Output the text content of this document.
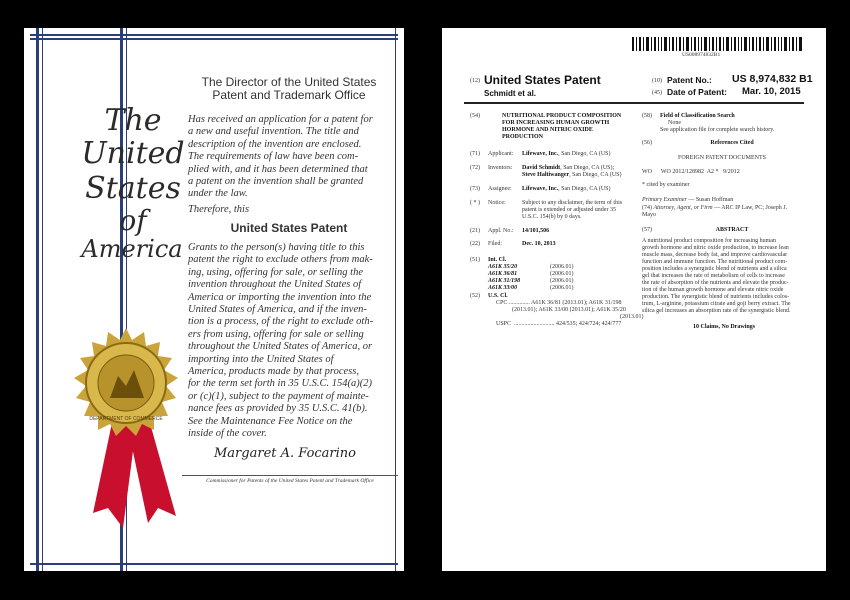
The
United
States
of
America
DEPARTMENT OF COMMERCE
The Director of the United States
Patent and Trademark Office
Has received an application for a patent for
a new and useful invention. The title and
description of the invention are enclosed.
The requirements of law have been com-
plied with, and it has been determined that
a patent on the invention shall be granted
under the law.
Therefore, this
United States Patent
Grants to the person(s) having title to this
patent the right to exclude others from mak-
ing, using, offering for sale, or selling the
invention throughout the United States of
America or importing the invention into the
United States of America, and if the inven-
tion is a process, of the right to exclude oth-
ers from using, offering for sale or selling
throughout the United States of America, or
importing into the United States of
America, products made by that process,
for the term set forth in 35 U.S.C. 154(a)(2)
or (c)(1), subject to the payment of mainte-
nance fees as provided by 35 U.S.C. 41(b).
See the Maintenance Fee Notice on the
inside of the cover.
Margaret A. Focarino
Commissioner for Patents of the United States Patent and Trademark Office
US008974832B1
(12) United States Patent
Schmidt et al.
(10) Patent No.: US 8,974,832 B1
(45) Date of Patent: Mar. 10, 2015
(54)	NUTRITIONAL PRODUCT COMPOSITION
FOR INCREASING HUMAN GROWTH
HORMONE AND NITRIC OXIDE
PRODUCTION
(71) Applicant: Lifewave, Inc., San Diego, CA (US)
(72) Inventors: David Schmidt, San Diego, CA (US);
Steve Haltiwanger, San Diego, CA (US)
(73) Assignee: Lifewave, Inc., San Diego, CA (US)
( * ) Notice:	Subject to any disclaimer, the term of this
patent is extended or adjusted under 35
U.S.C. 154(b) by 0 days.
(21) Appl. No.: 14/101,506
(22) Filed:	Dec. 10, 2013
(51) Int. Cl.
A61K 35/20	(2006.01)
A61K 36/81	(2006.01)
A61K 31/198	(2006.01)
A61K 33/00	(2006.01)
(52) U.S. Cl.
CPC .............. A61K 36/81 (2013.01); A61K 31/198
(2013.01); A61K 33/00 (2013.01); A61K 35/20
(2013.01)
USPC ........................... 424/535; 424/724; 424/777
(58) Field of Classification Search
None
See application file for complete search history.
(56)	References Cited
FOREIGN PATENT DOCUMENTS
WO      WO 2012/128982  A2 *   9/2012
* cited by examiner
Primary Examiner — Susan Hoffman
(74) Attorney, Agent, or Firm — ARC IP Law, PC; Joseph J.
Mayo
(57)	ABSTRACT
A nutritional product composition for increasing human
growth hormone and nitric oxide production, to increase lean
muscle mass, decrease body fat, and improve cardiovascular
function and immune function. The nutritional product com-
position includes a synergistic blend of nutrients and a silica
gel that increases the rate of metabolism of cells to increase
the rate of absorption of the nutrients and elevate the produc-
tion of the human growth hormone and elevate nitric oxide
production. The synergistic blend of nutrients includes colos-
trum, L-arginine, potassium citrate and goji berry extract. The
silica gel increases an absorption rate of the synergistic blend.
10 Claims, No Drawings
